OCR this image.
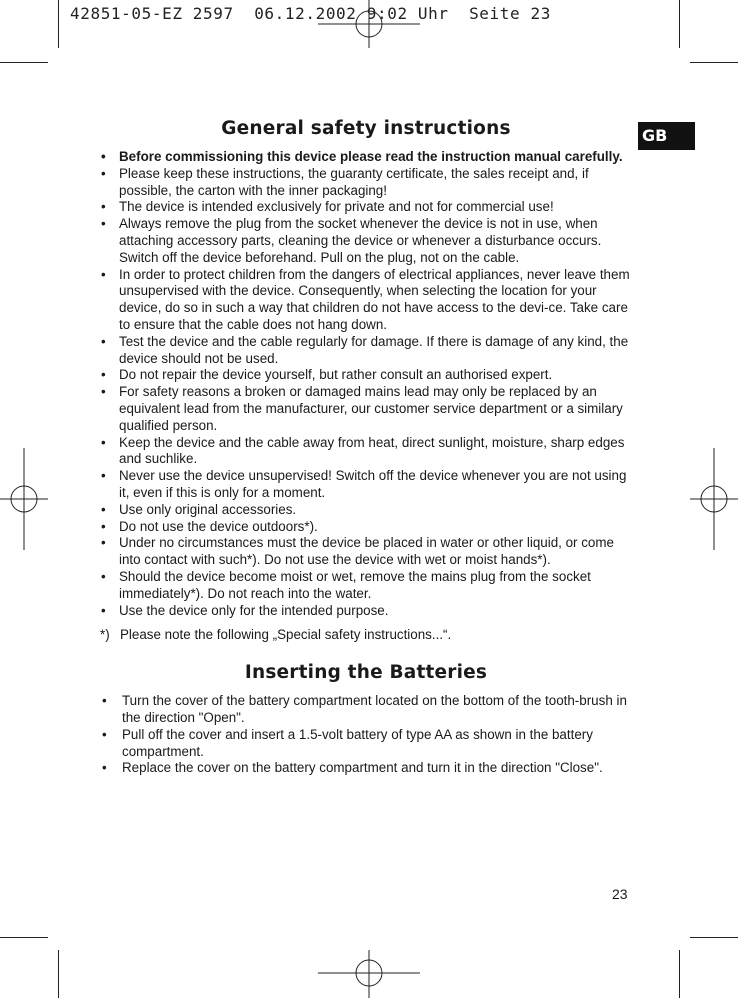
42851-05-EZ 2597  06.12.2002 9:02 Uhr  Seite 23
GB
General safety instructions
• Before commissioning this device please read the instruction manual carefully.
• Please keep these instructions, the guaranty certificate, the sales receipt and, if possible, the carton with the inner packaging!
• The device is intended exclusively for private and not for commercial use!
• Always remove the plug from the socket whenever the device is not in use, when attaching accessory parts, cleaning the device or whenever a disturbance occurs. Switch off the device beforehand. Pull on the plug, not on the cable.
• In order to protect children from the dangers of electrical appliances, never leave them unsupervised with the device. Consequently, when selecting the location for your device, do so in such a way that children do not have access to the devi-ce. Take care to ensure that the cable does not hang down.
• Test the device and the cable regularly for damage. If there is damage of any kind, the device should not be used.
• Do not repair the device yourself, but rather consult an authorised expert.
• For safety reasons a broken or damaged mains lead may only be replaced by an equivalent lead from the manufacturer, our customer service department or a similary qualified person.
• Keep the device and the cable away from heat, direct sunlight, moisture, sharp edges and suchlike.
• Never use the device unsupervised! Switch off the device whenever you are not using it, even if this is only for a moment.
• Use only original accessories.
• Do not use the device outdoors*).
• Under no circumstances must the device be placed in water or other liquid, or come into contact with such*). Do not use the device with wet or moist hands*).
• Should the device become moist or wet, remove the mains plug from the socket immediately*). Do not reach into the water.
• Use the device only for the intended purpose.
*) Please note the following „Special safety instructions...“.
Inserting the Batteries
• Turn the cover of the battery compartment located on the bottom of the tooth-brush in the direction "Open".
• Pull off the cover and insert a 1.5-volt battery of type AA as shown in the battery compartment.
• Replace the cover on the battery compartment and turn it in the direction "Close".
23
